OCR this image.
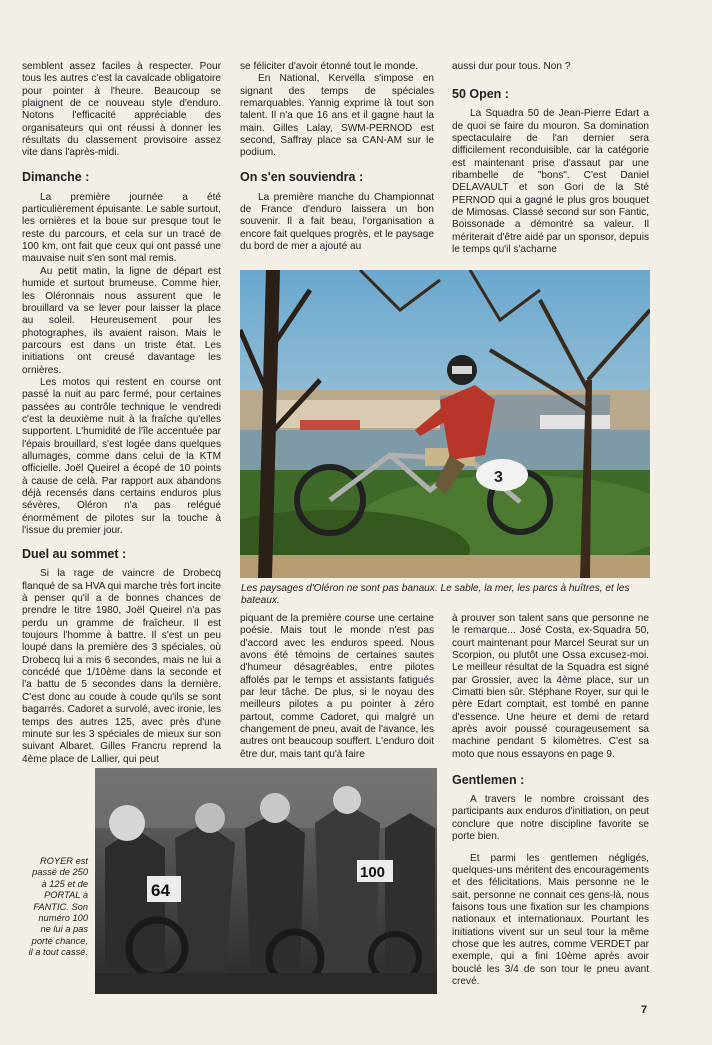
semblent assez faciles à respecter. Pour tous les autres c'est la cavalcade obligatoire pour pointer à l'heure. Beaucoup se plaignent de ce nouveau style d'enduro. Notons l'efficacité appréciable des organisateurs qui ont réussi à donner les résultats du classement provisoire assez vite dans l'après-midi.

Dimanche :

La première journée a été particulièrement épuisante. Le sable surtout, les ornières et la boue sur presque tout le reste du parcours, et cela sur un tracé de 100 km, ont fait que ceux qui ont passé une mauvaise nuit s'en sont mal remis.

Au petit matin, la ligne de départ est humide et surtout brumeuse. Comme hier, les Oléronnais nous assurent que le brouillard va se lever pour laisser la place au soleil. Heureusement pour les photographes, ils avaient raison. Mais le parcours est dans un triste état. Les initiations ont creusé davantage les ornières.

Les motos qui restent en course ont passé la nuit au parc fermé, pour certaines passées au contrôle technique le vendredi c'est la deuxième nuit à la fraîche qu'elles supportent. L'humidité de l'île accentuée par l'épais brouillard, s'est logée dans quelques allumages, comme dans celui de la KTM officielle. Joël Queirel a écopé de 10 points à cause de celà. Par rapport aux abandons déjà recensés dans certains enduros plus sévères, Oléron n'a pas relégué énormément de pilotes sur la touche à l'issue du premier jour.

Duel au sommet :

Si la rage de vaincre de Drobecq flanqué de sa HVA qui marche très fort incite à penser qu'il a de bonnes chances de prendre le titre 1980, Joël Queirel n'a pas perdu un gramme de fraîcheur. Il est toujours l'homme à battre. Il s'est un peu loupé dans la première des 3 spéciales, où Drobecq lui a mis 6 secondes, mais ne lui a concédé que 1/10ème dans la seconde et l'a battu de 5 secondes dans la dernière. C'est donc au coude à coude qu'ils se sont bagarrés. Cadoret a survolé, avec ironie, les temps des autres 125, avec près d'une minute sur les 3 spéciales de mieux sur son suivant Albaret. Gilles Francru reprend la 4ème place de Lallier, qui peut

se féliciter d'avoir étonné tout le monde.

En National, Kervella s'impose en signant des temps de spéciales remarquables. Yannig exprime là tout son talent. Il n'a que 16 ans et il gagne haut la main. Gilles Lalay, SWM-PERNOD est second, Saffray place sa CAN-AM sur le podium.

On s'en souviendra :

La première manche du Championnat de France d'enduro laissera un bon souvenir. Il a fait beau, l'organisation a encore fait quelques progrès, et le paysage du bord de mer a ajouté au

aussi dur pour tous. Non ?

50 Open :

La Squadra 50 de Jean-Pierre Edart a de quoi se faire du mouron. Sa domination spectaculaire de l'an dernier sera difficilement reconduisible, car la catégorie est maintenant prise d'assaut par une ribambelle de "bons". C'est Daniel DELAVAULT et son Gori de la Sté PERNOD qui a gagné le plus gros bouquet de Mimosas. Classé second sur son Fantic, Boissonade a démontré sa valeur. Il mériterait d'être aidé par un sponsor, depuis le temps qu'il s'acharne

3
Les paysages d'Oléron ne sont pas banaux. Le sable, la mer, les parcs à huîtres, et les bateaux.

piquant de la première course une certaine poésie. Mais tout le monde n'est pas d'accord avec les enduros speed. Nous avons été témoins de certaines sautes d'humeur désagréables, entre pilotes affolés par le temps et assistants fatigués par leur tâche. De plus, si le noyau des meilleurs pilotes a pu pointer à zéro partout, comme Cadoret, qui malgré un changement de pneu, avait de l'avance, les autres ont beaucoup souffert. L'enduro doit être dur, mais tant qu'à faire

à prouver son talent sans que personne ne le remarque... José Costa, ex-Squadra 50, court maintenant pour Marcel Seurat sur un Scorpion, ou plutôt une Ossa excusez-moi. Le meilleur résultat de la Squadra est signé par Grossier, avec la 4ème place, sur un Cimatti bien sûr. Stéphane Royer, sur qui le père Edart comptait, est tombé en panne d'essence. Une heure et demi de retard après avoir poussé courageusement sa machine pendant 5 kilomètres. C'est sa moto que nous essayons en page 9.

Gentlemen :

A travers le nombre croissant des participants aux enduros d'initiation, on peut conclure que notre discipline favorite se porte bien.

Et parmi les gentlemen négligés, quelques-uns méritent des encouragements et des félicitations. Mais personne ne le sait, personne ne connait ces gens-là, nous faisons tous une fixation sur les champions nationaux et internationaux. Pourtant les initiations vivent sur un seul tour la même chose que les autres, comme VERDET par exemple, qui a fini 10ème après avoir bouclé les 3/4 de son tour le pneu avant crevé.

ROYER est passé de 250 à 125 et de PORTAL à FANTIC. Son numéro 100 ne lui a pas porté chance, il a tout cassé.
64
100
7
